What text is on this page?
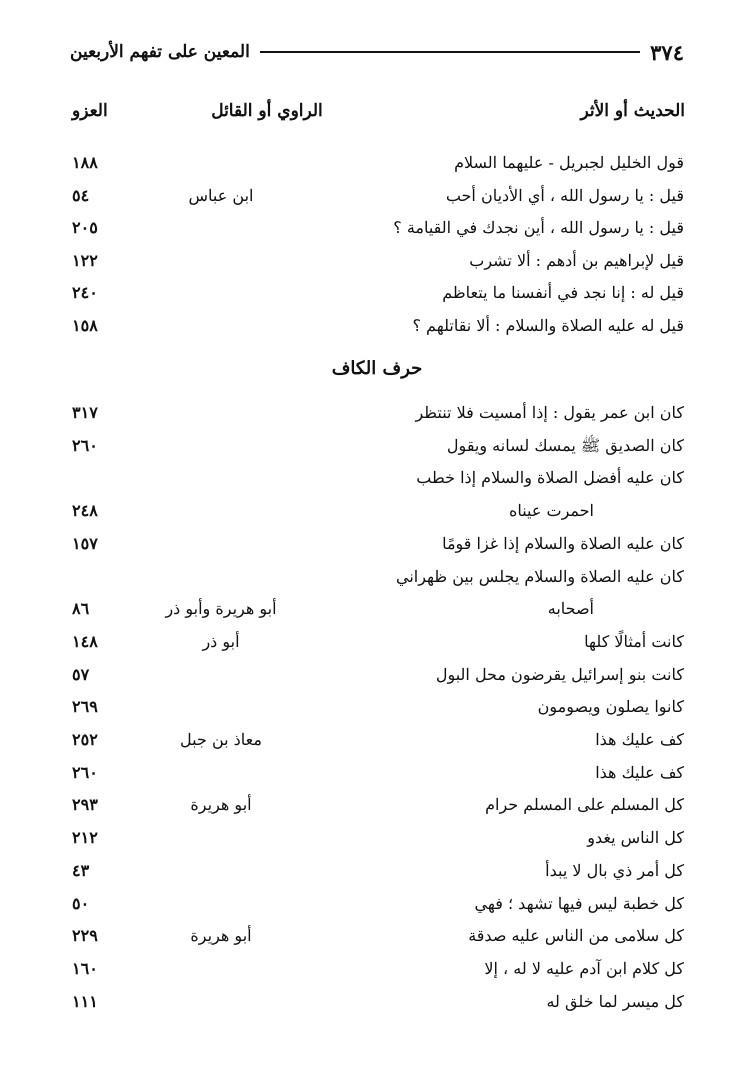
٣٧٤
المعين على تفهم الأربعين
الحديث أو الأثر
الراوي أو القائل
العزو
قول الخليل لجبريل - عليهما السلام
١٨٨
قيل : يا رسول الله ، أي الأديان أحب
ابن عباس
٥٤
قيل : يا رسول الله ، أين نجدك في القيامة ؟
٢٠٥
قيل لإبراهيم بن أدهم : ألا تشرب
١٢٢
قيل له : إنا نجد في أنفسنا ما يتعاظم
٢٤٠
قيل له عليه الصلاة والسلام : ألا نقاتلهم ؟
١٥٨
حرف الكاف
كان ابن عمر يقول : إذا أمسيت فلا تنتظر
٣١٧
كان الصديق ﷺ يمسك لسانه ويقول
٢٦٠
كان عليه أفضل الصلاة والسلام إذا خطب
احمرت عيناه
٢٤٨
كان عليه الصلاة والسلام إذا غزا قومًا
١٥٧
كان عليه الصلاة والسلام يجلس بين ظهراني
أصحابه
أبو هريرة وأبو ذر
٨٦
كانت أمثالًا كلها
أبو ذر
١٤٨
كانت بنو إسرائيل يقرضون محل البول
٥٧
كانوا يصلون ويصومون
٢٦٩
كف عليك هذا
معاذ بن جبل
٢٥٢
كف عليك هذا
٢٦٠
كل المسلم على المسلم حرام
أبو هريرة
٢٩٣
كل الناس يغدو
٢١٢
كل أمر ذي بال لا يبدأ
٤٣
كل خطبة ليس فيها تشهد ؛ فهي
٥٠
كل سلامى من الناس عليه صدقة
أبو هريرة
٢٢٩
كل كلام ابن آدم عليه لا له ، إلا
١٦٠
كل ميسر لما خلق له
١١١
